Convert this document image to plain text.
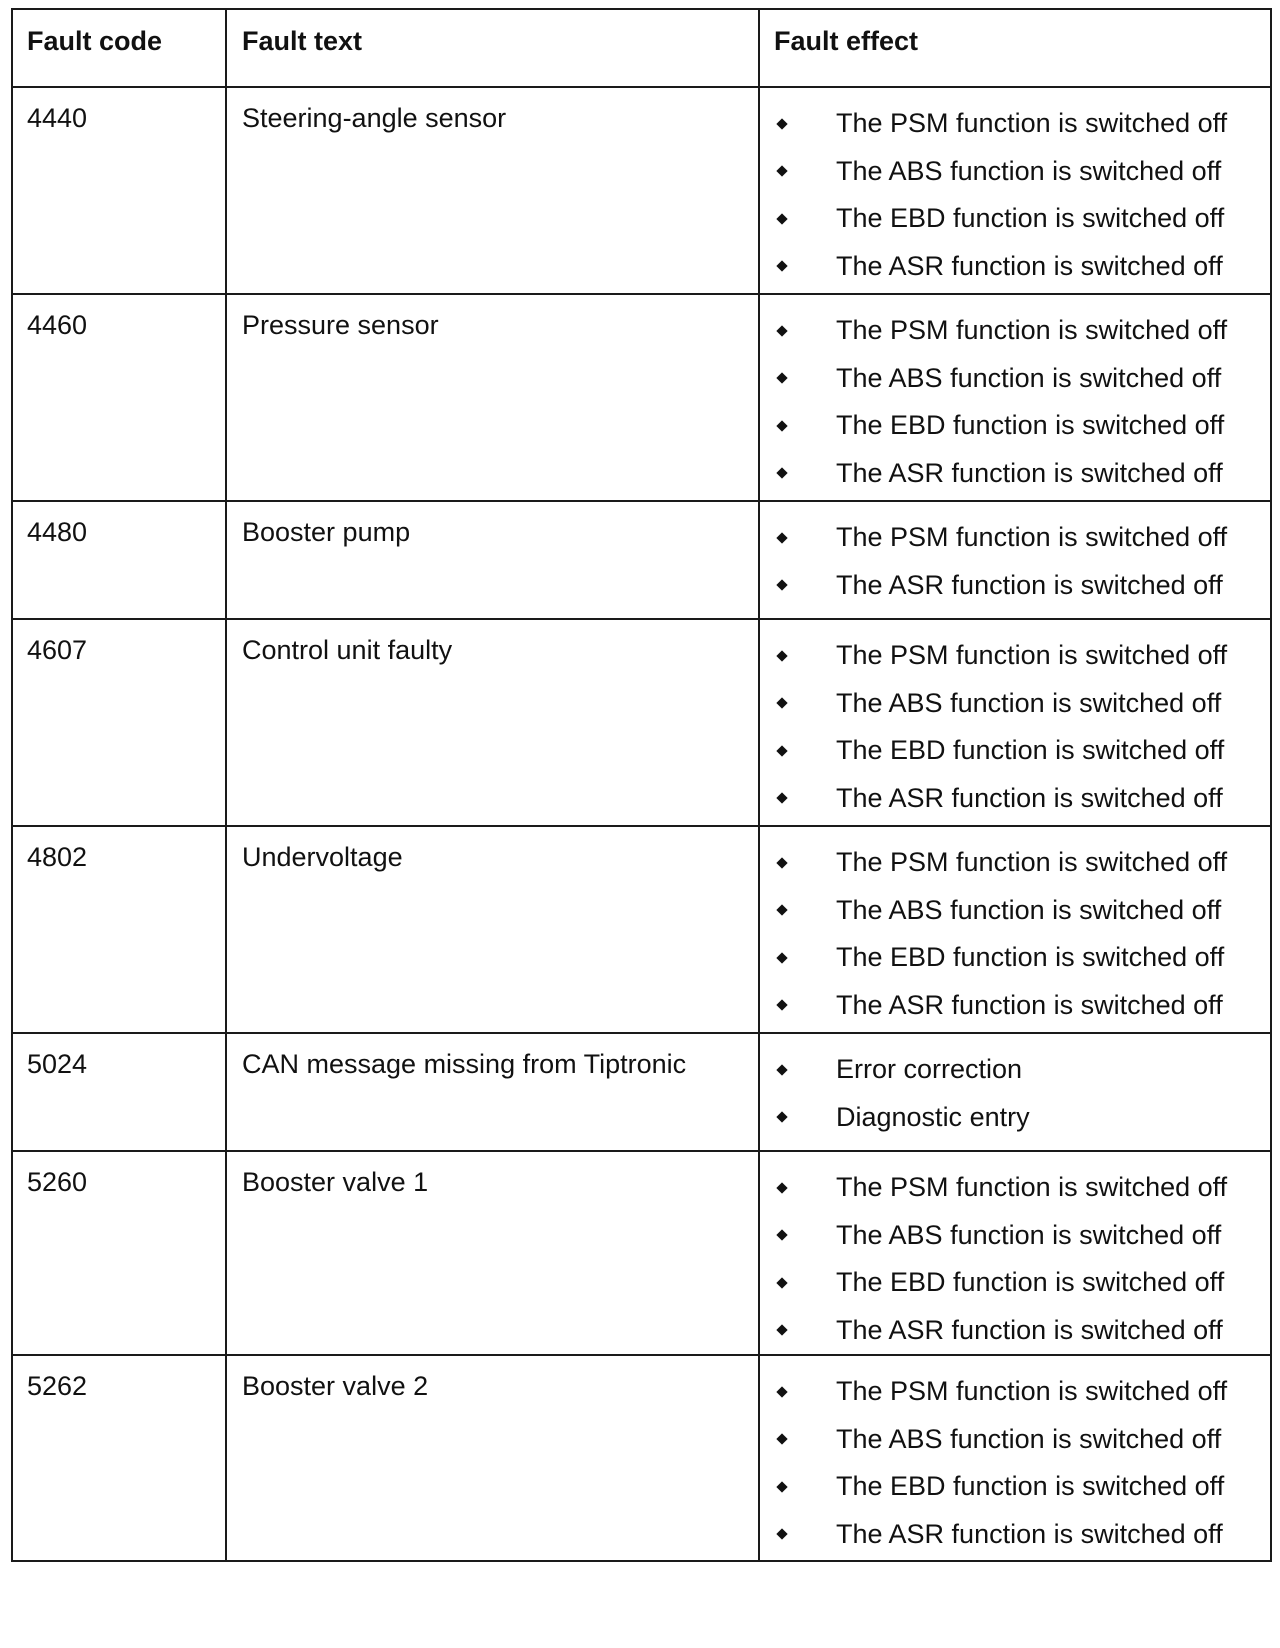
Fault code	Fault text	Fault effect
4440	Steering-angle sensor	The PSM function is switched off
The ABS function is switched off
The EBD function is switched off
The ASR function is switched off

4460	Pressure sensor	The PSM function is switched off
The ABS function is switched off
The EBD function is switched off
The ASR function is switched off

4480	Booster pump	The PSM function is switched off
The ASR function is switched off

4607	Control unit faulty	The PSM function is switched off
The ABS function is switched off
The EBD function is switched off
The ASR function is switched off

4802	Undervoltage	The PSM function is switched off
The ABS function is switched off
The EBD function is switched off
The ASR function is switched off

5024	CAN message missing from Tiptronic	Error correction
Diagnostic entry

5260	Booster valve 1	The PSM function is switched off
The ABS function is switched off
The EBD function is switched off
The ASR function is switched off

5262	Booster valve 2	The PSM function is switched off
The ABS function is switched off
The EBD function is switched off
The ASR function is switched off
